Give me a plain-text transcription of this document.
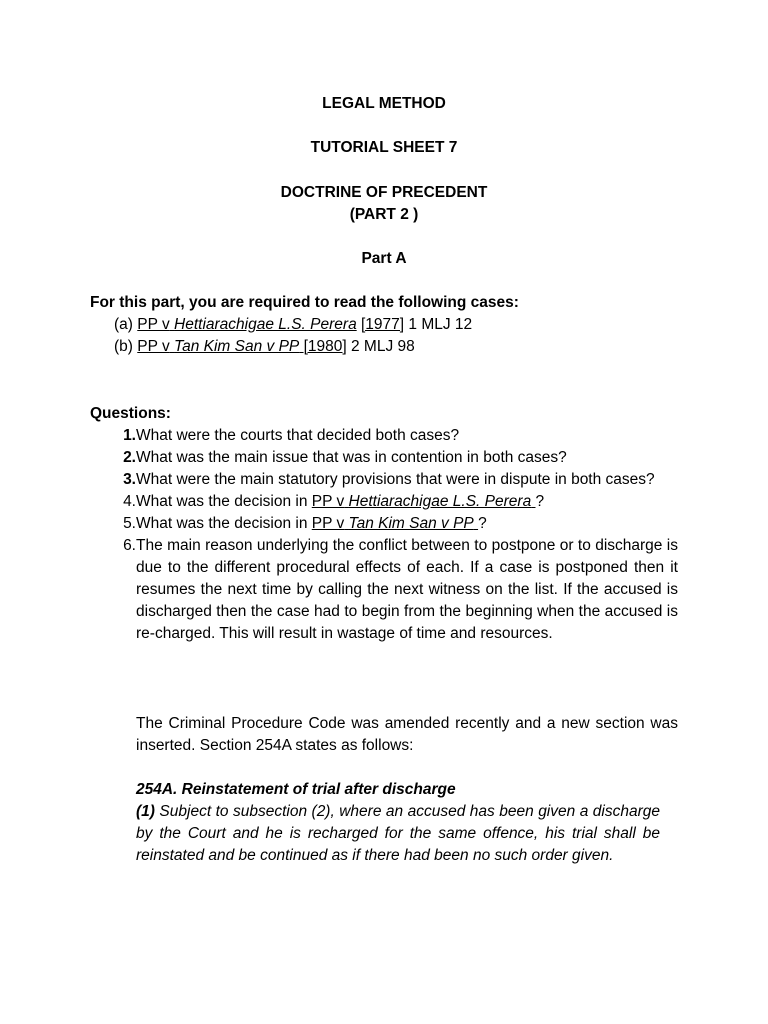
LEGAL METHOD
TUTORIAL SHEET 7
DOCTRINE OF PRECEDENT
(PART 2 )
Part A
For this part, you are required to read the following cases:
(a) PP v Hettiarachigae L.S. Perera [1977] 1 MLJ 12
(b) PP v Tan Kim San v PP [1980] 2 MLJ 98
Questions:
1. What were the courts that decided both cases?
2. What was the main issue that was in contention in both cases?
3. What were the main statutory provisions that were in dispute in both cases?
4. What was the decision in PP v Hettiarachigae L.S. Perera ?
5. What was the decision in PP v Tan Kim San v PP ?
6. The main reason underlying the conflict between to postpone or to discharge is due to the different procedural effects of each. If a case is postponed then it resumes the next time by calling the next witness on the list. If the accused is discharged then the case had to begin from the beginning when the accused is re-charged. This will result in wastage of time and resources.
The Criminal Procedure Code was amended recently and a new section was inserted. Section 254A states as follows:
254A. Reinstatement of trial after discharge
(1) Subject to subsection (2), where an accused has been given a discharge by the Court and he is recharged for the same offence, his trial shall be reinstated and be continued as if there had been no such order given.
